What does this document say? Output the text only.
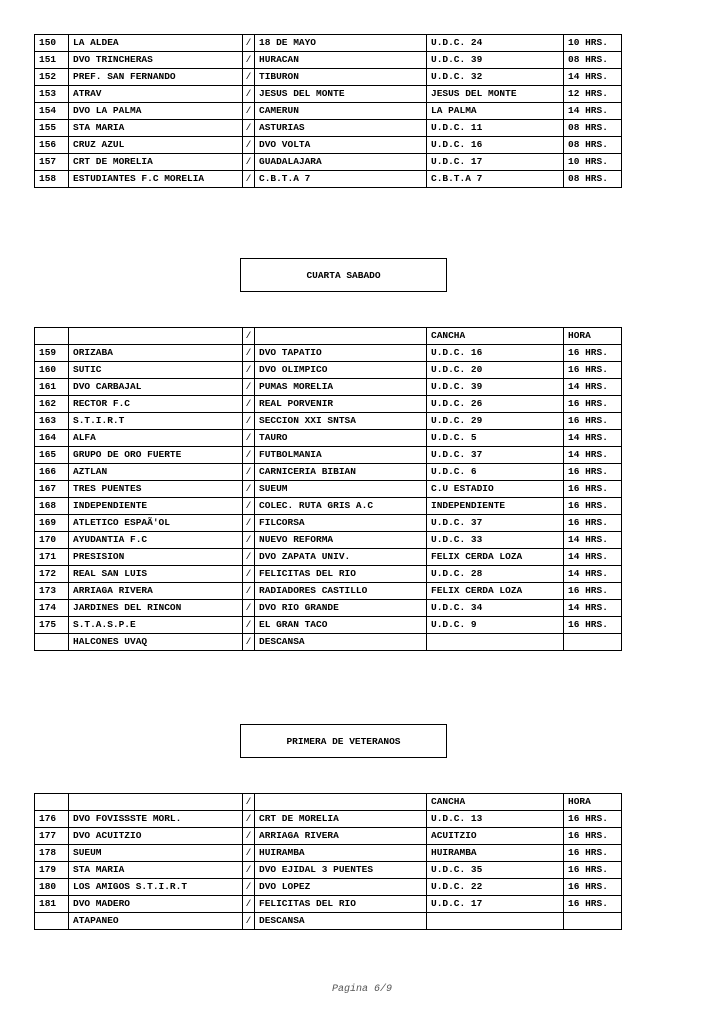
150	LA ALDEA	/	18 DE MAYO	U.D.C. 24	10 HRS.
151	DVO TRINCHERAS	/	HURACAN	U.D.C. 39	08 HRS.
152	PREF. SAN FERNANDO	/	TIBURON	U.D.C. 32	14 HRS.
153	ATRAV	/	JESUS DEL MONTE	JESUS DEL MONTE	12 HRS.
154	DVO LA PALMA	/	CAMERUN	LA PALMA	14 HRS.
155	STA MARIA	/	ASTURIAS	U.D.C. 11	08 HRS.
156	CRUZ AZUL	/	DVO VOLTA	U.D.C. 16	08 HRS.
157	CRT DE MORELIA	/	GUADALAJARA	U.D.C. 17	10 HRS.
158	ESTUDIANTES F.C MORELIA	/	C.B.T.A 7	C.B.T.A 7	08 HRS.
CUARTA SABADO
		/		CANCHA	HORA
159	ORIZABA	/	DVO TAPATIO	U.D.C. 16	16 HRS.
160	SUTIC	/	DVO OLIMPICO	U.D.C. 20	16 HRS.
161	DVO CARBAJAL	/	PUMAS MORELIA	U.D.C. 39	14 HRS.
162	RECTOR F.C	/	REAL PORVENIR	U.D.C. 26	16 HRS.
163	S.T.I.R.T	/	SECCION XXI SNTSA	U.D.C. 29	16 HRS.
164	ALFA	/	TAURO	U.D.C. 5	14 HRS.
165	GRUPO DE ORO FUERTE	/	FUTBOLMANIA	U.D.C. 37	14 HRS.
166	AZTLAN	/	CARNICERIA BIBIAN	U.D.C. 6	16 HRS.
167	TRES PUENTES	/	SUEUM	C.U ESTADIO	16 HRS.
168	INDEPENDIENTE	/	COLEC. RUTA GRIS A.C	INDEPENDIENTE	16 HRS.
169	ATLETICO ESPAÃ'OL	/	FILCORSA	U.D.C. 37	16 HRS.
170	AYUDANTIA F.C	/	NUEVO REFORMA	U.D.C. 33	14 HRS.
171	PRESISION	/	DVO ZAPATA UNIV.	FELIX CERDA LOZA	14 HRS.
172	REAL SAN LUIS	/	FELICITAS DEL RIO	U.D.C. 28	14 HRS.
173	ARRIAGA RIVERA	/	RADIADORES CASTILLO	FELIX CERDA LOZA	16 HRS.
174	JARDINES DEL RINCON	/	DVO RIO GRANDE	U.D.C. 34	14 HRS.
175	S.T.A.S.P.E	/	EL GRAN TACO	U.D.C. 9	16 HRS.
	HALCONES UVAQ	/	DESCANSA		
PRIMERA DE VETERANOS
		/		CANCHA	HORA
176	DVO FOVISSSTE MORL.	/	CRT DE MORELIA	U.D.C. 13	16 HRS.
177	DVO ACUITZIO	/	ARRIAGA RIVERA	ACUITZIO	16 HRS.
178	SUEUM	/	HUIRAMBA	HUIRAMBA	16 HRS.
179	STA MARIA	/	DVO EJIDAL 3 PUENTES	U.D.C. 35	16 HRS.
180	LOS AMIGOS S.T.I.R.T	/	DVO LOPEZ	U.D.C. 22	16 HRS.
181	DVO MADERO	/	FELICITAS DEL RIO	U.D.C. 17	16 HRS.
	ATAPANEO	/	DESCANSA		
Pagina 6/9
